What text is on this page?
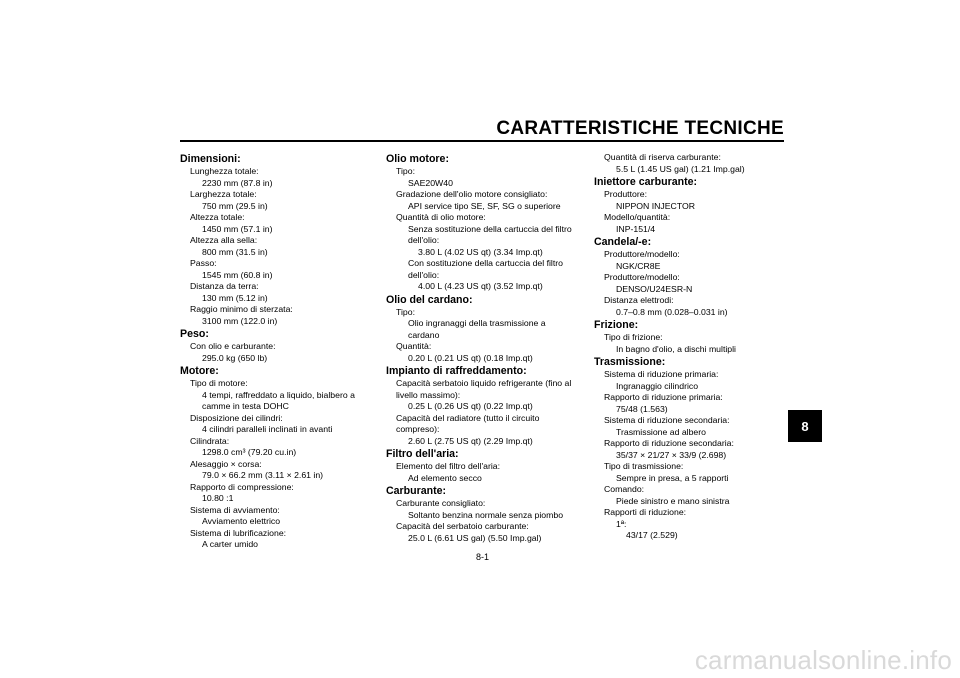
CARATTERISTICHE TECNICHE
Dimensioni:
Lunghezza totale:
2230 mm (87.8 in)
Larghezza totale:
750 mm (29.5 in)
Altezza totale:
1450 mm (57.1 in)
Altezza alla sella:
800 mm (31.5 in)
Passo:
1545 mm (60.8 in)
Distanza da terra:
130 mm (5.12 in)
Raggio minimo di sterzata:
3100 mm (122.0 in)
Peso:
Con olio e carburante:
295.0 kg (650 lb)
Motore:
Tipo di motore:
4 tempi, raffreddato a liquido, bialbero a
camme in testa DOHC
Disposizione dei cilindri:
4 cilindri paralleli inclinati in avanti
Cilindrata:
1298.0 cm³ (79.20 cu.in)
Alesaggio × corsa:
79.0 × 66.2 mm (3.11 × 2.61 in)
Rapporto di compressione:
10.80 :1
Sistema di avviamento:
Avviamento elettrico
Sistema di lubrificazione:
A carter umido
Olio motore:
Tipo:
SAE20W40
Gradazione dell'olio motore consigliato:
API service tipo SE, SF, SG o superiore
Quantità di olio motore:
Senza sostituzione della cartuccia del filtro
dell'olio:
3.80 L (4.02 US qt) (3.34 Imp.qt)
Con sostituzione della cartuccia del filtro
dell'olio:
4.00 L (4.23 US qt) (3.52 Imp.qt)
Olio del cardano:
Tipo:
Olio ingranaggi della trasmissione a
cardano
Quantità:
0.20 L (0.21 US qt) (0.18 Imp.qt)
Impianto di raffreddamento:
Capacità serbatoio liquido refrigerante (fino al
livello massimo):
0.25 L (0.26 US qt) (0.22 Imp.qt)
Capacità del radiatore (tutto il circuito
compreso):
2.60 L (2.75 US qt) (2.29 Imp.qt)
Filtro dell'aria:
Elemento del filtro dell'aria:
Ad elemento secco
Carburante:
Carburante consigliato:
Soltanto benzina normale senza piombo
Capacità del serbatoio carburante:
25.0 L (6.61 US gal) (5.50 Imp.gal)
Quantità di riserva carburante:
5.5 L (1.45 US gal) (1.21 Imp.gal)
Iniettore carburante:
Produttore:
NIPPON INJECTOR
Modello/quantità:
INP-151/4
Candela/-e:
Produttore/modello:
NGK/CR8E
Produttore/modello:
DENSO/U24ESR-N
Distanza elettrodi:
0.7–0.8 mm (0.028–0.031 in)
Frizione:
Tipo di frizione:
In bagno d'olio, a dischi multipli
Trasmissione:
Sistema di riduzione primaria:
Ingranaggio cilindrico
Rapporto di riduzione primaria:
75/48 (1.563)
Sistema di riduzione secondaria:
Trasmissione ad albero
Rapporto di riduzione secondaria:
35/37 × 21/27 × 33/9 (2.698)
Tipo di trasmissione:
Sempre in presa, a 5 rapporti
Comando:
Piede sinistro e mano sinistra
Rapporti di riduzione:
1ª:
43/17 (2.529)
8
8-1
carmanualsonline.info
